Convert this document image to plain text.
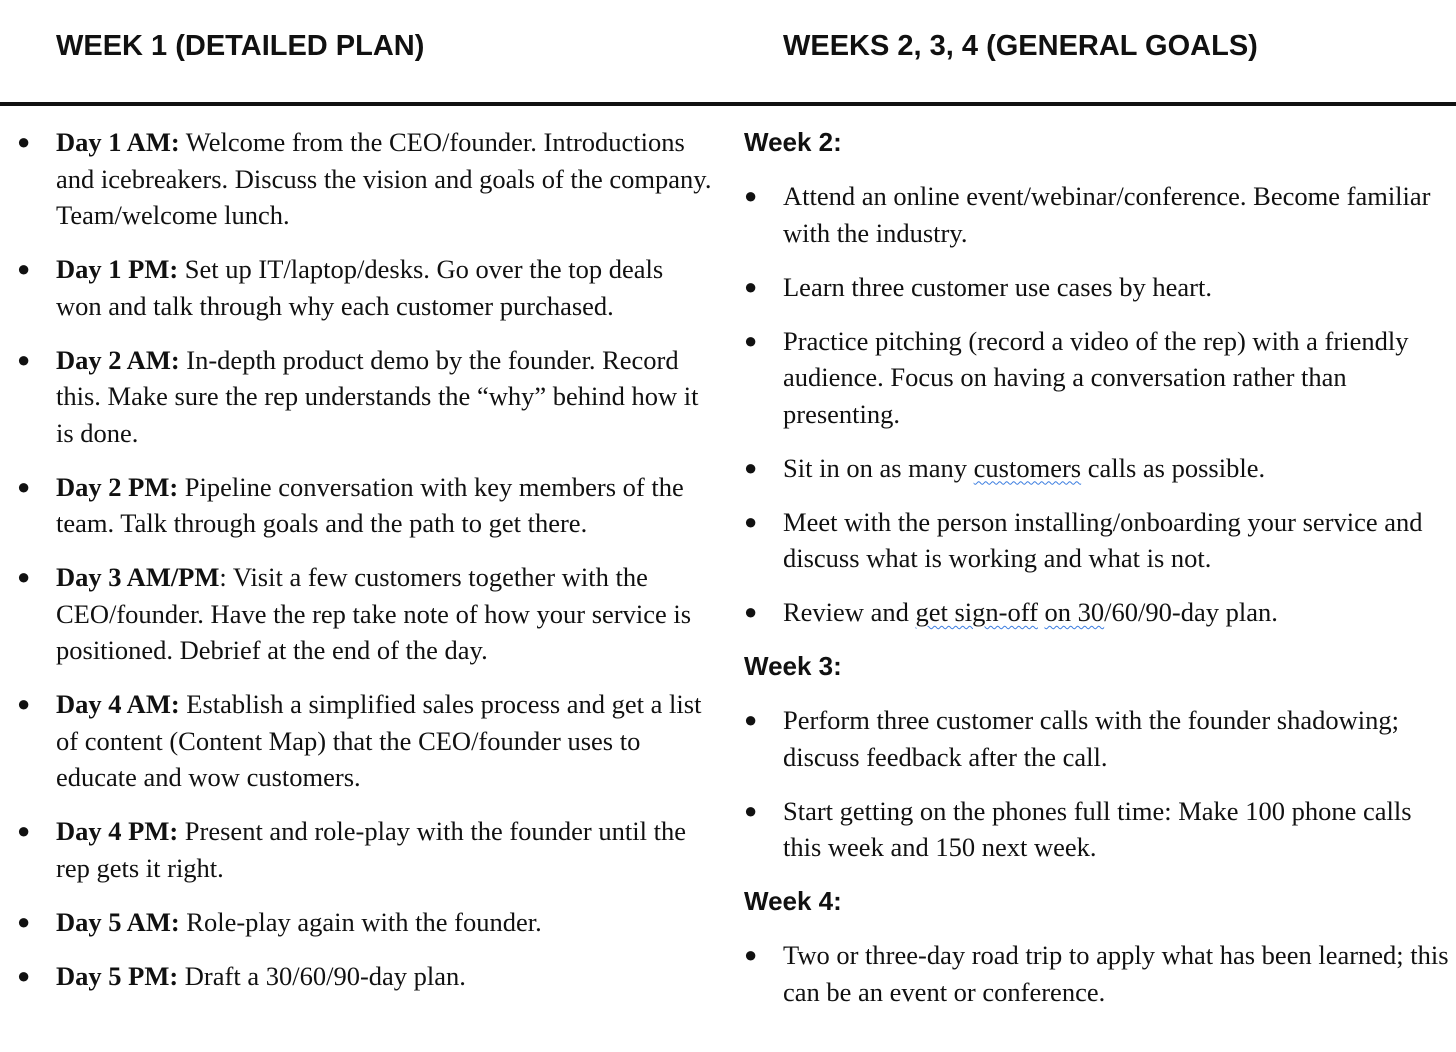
WEEK 1 (DETAILED PLAN)	WEEKS 2, 3, 4 (GENERAL GOALS)
● Day 1 AM: Welcome from the CEO/founder. Introductions and icebreakers. Discuss the vision and goals of the company. Team/welcome lunch.
● Day 1 PM: Set up IT/laptop/desks. Go over the top deals won and talk through why each customer purchased.
● Day 2 AM: In-depth product demo by the founder. Record this. Make sure the rep understands the “why” behind how it is done.
● Day 2 PM: Pipeline conversation with key members of the team. Talk through goals and the path to get there.
● Day 3 AM/PM: Visit a few customers together with the CEO/founder. Have the rep take note of how your service is positioned. Debrief at the end of the day.
● Day 4 AM: Establish a simplified sales process and get a list of content (Content Map) that the CEO/founder uses to educate and wow customers.
● Day 4 PM: Present and role-play with the founder until the rep gets it right.
● Day 5 AM: Role-play again with the founder.
● Day 5 PM: Draft a 30/60/90-day plan.
Week 2:
● Attend an online event/webinar/conference. Become familiar with the industry.
● Learn three customer use cases by heart.
● Practice pitching (record a video of the rep) with a friendly audience. Focus on having a conversation rather than presenting.
● Sit in on as many customers calls as possible.
● Meet with the person installing/onboarding your service and discuss what is working and what is not.
● Review and get sign-off on 30/60/90-day plan.
Week 3:
● Perform three customer calls with the founder shadowing; discuss feedback after the call.
● Start getting on the phones full time: Make 100 phone calls this week and 150 next week.
Week 4:
● Two or three-day road trip to apply what has been learned; this can be an event or conference.
